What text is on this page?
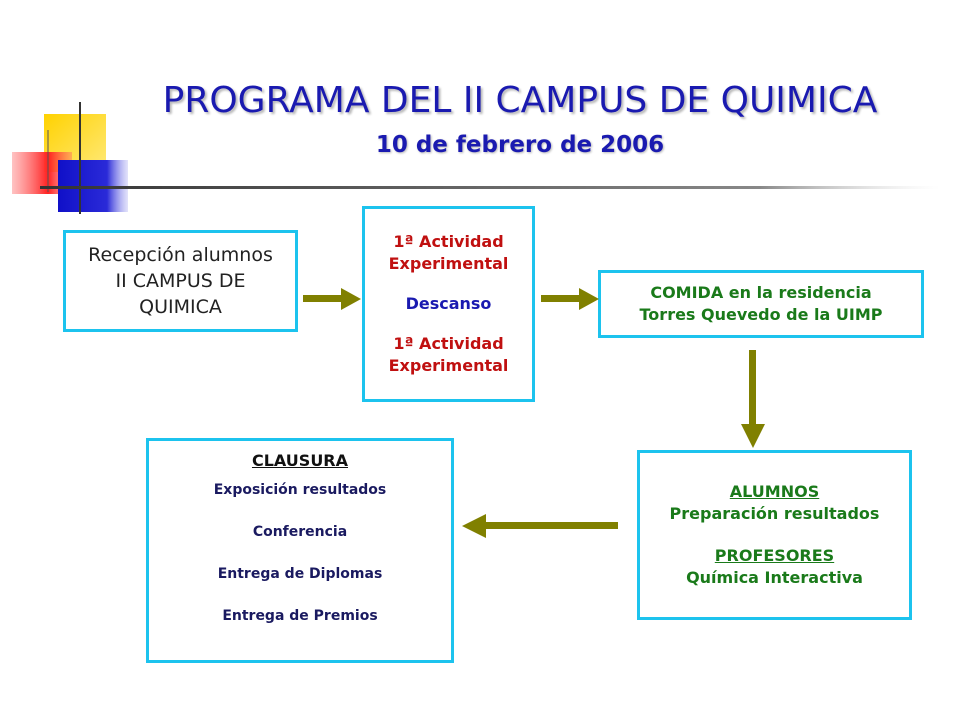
PROGRAMA DEL II CAMPUS DE QUIMICA
10 de febrero de 2006
Recepción alumnos
II CAMPUS DE
QUIMICA
1ª Actividad
Experimental
Descanso
1ª Actividad
Experimental
COMIDA en la residencia
Torres Quevedo de la UIMP
ALUMNOS
Preparación resultados
PROFESORES
Química Interactiva
CLAUSURA
Exposición resultados
Conferencia
Entrega de Diplomas
Entrega de Premios
